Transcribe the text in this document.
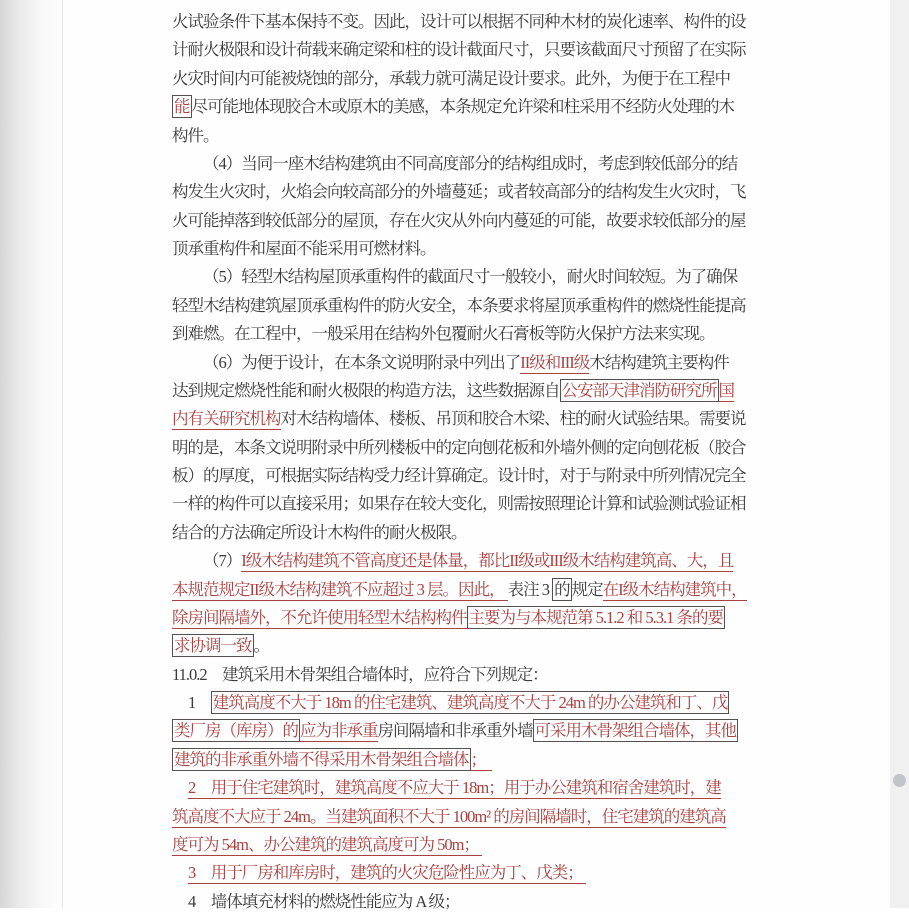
火试验条件下基本保持不变。因此，设计可以根据不同种木材的炭化速率、构件的设
计耐火极限和设计荷载来确定梁和柱的设计截面尺寸，只要该截面尺寸预留了在实际
火灾时间内可能被烧蚀的部分，承载力就可满足设计要求。此外，为便于在工程中
能 尽可能地体现胶合木或原木的美感，本条规定允许梁和柱采用不经防火处理的木
构件。
（4）当同一座木结构建筑由不同高度部分的结构组成时，考虑到较低部分的结
构发生火灾时，火焰会向较高部分的外墙蔓延；或者较高部分的结构发生火灾时，飞
火可能掉落到较低部分的屋顶，存在火灾从外向内蔓延的可能，故要求较低部分的屋
顶承重构件和屋面不能采用可燃材料。
（5）轻型木结构屋顶承重构件的截面尺寸一般较小，耐火时间较短。为了确保
轻型木结构建筑屋顶承重构件的防火安全，本条要求将屋顶承重构件的燃烧性能提高
到难燃。在工程中，一般采用在结构外包覆耐火石膏板等防火保护方法来实现。
（6）为便于设计，在本条文说明附录中列出了II级和III级木结构建筑主要构件
达到规定燃烧性能和耐火极限的构造方法，这些数据源自 公安部天津消防研究所 国
内有关研究机构对木结构墙体、楼板、吊顶和胶合木梁、柱的耐火试验结果。需要说
明的是，本条文说明附录中所列楼板中的定向刨花板和外墙外侧的定向刨花板（胶合
板）的厚度，可根据实际结构受力经计算确定。设计时，对于与附录中所列情况完全
一样的构件可以直接采用；如果存在较大变化，则需按照理论计算和试验测试验证相
结合的方法确定所设计木构件的耐火极限。
（7）I级木结构建筑不管高度还是体量，都比II级或III级木结构建筑高、大，且
本规范规定II级木结构建筑不应超过 3 层。因此， 表注 3 的 规定在I级木结构建筑中，
除房间隔墙外，不允许使用轻型木结构构件 主要为与本规范第 5.1.2 和 5.3.1 条的要
求协调一致 。
11.0.2　建筑采用木骨架组合墙体时，应符合下列规定：
1　建筑高度不大于 18m 的住宅建筑、建筑高度不大于 24m 的办公建筑和丁、戊
类厂房（库房）的 应为非承重房间隔墙和非承重外墙 可采用木骨架组合墙体，其他
建筑的非承重外墙不得采用木骨架组合墙体 ；
2　用于住宅建筑时，建筑高度不应大于 18m；用于办公建筑和宿舍建筑时，建
筑高度不大应于 24m。当建筑面积不大于 100m² 的房间隔墙时，住宅建筑的建筑高
度可为 54m、办公建筑的建筑高度可为 50m；
3　用于厂房和库房时，建筑的火灾危险性应为丁、戊类；
4　墙体填充材料的燃烧性能应为 A 级；
